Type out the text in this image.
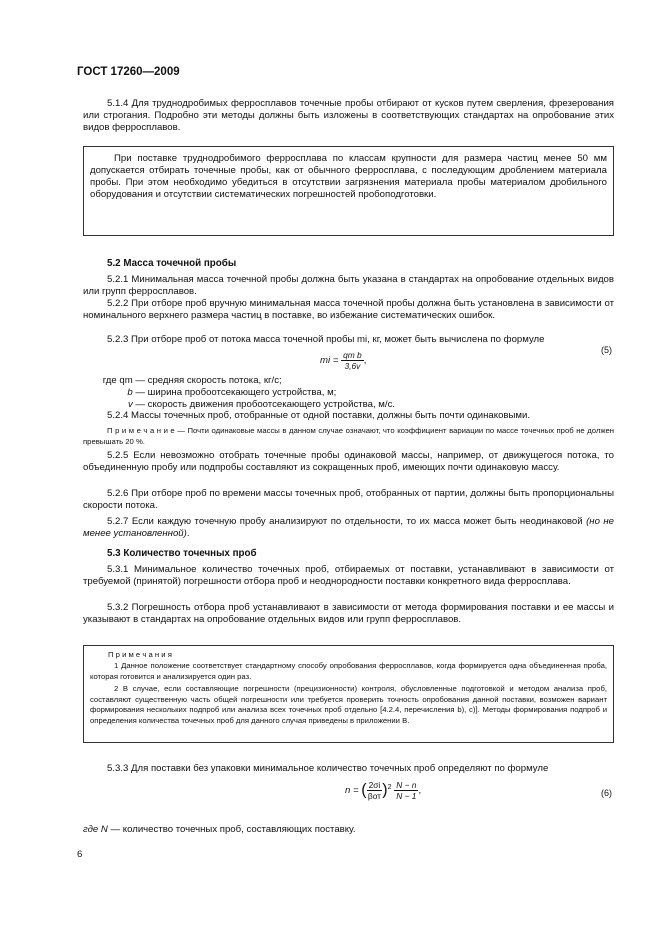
ГОСТ 17260—2009
5.1.4 Для труднодробимых ферросплавов точечные пробы отбирают от кусков путем сверления, фрезерования или строгания. Подробно эти методы должны быть изложены в соответствующих стандартах на опробование этих видов ферросплавов.
При поставке труднодробимого ферросплава по классам крупности для размера частиц менее 50 мм допускается отбирать точечные пробы, как от обычного ферросплава, с последующим дроблением материала пробы. При этом необходимо убедиться в отсутствии загрязнения материала пробы материалом дробильного оборудования и отсутствии систематических погрешностей пробоподготовки.
5.2 Масса точечной пробы
5.2.1 Минимальная масса точечной пробы должна быть указана в стандартах на опробование отдельных видов или групп ферросплавов.
5.2.2 При отборе проб вручную минимальная масса точечной пробы должна быть установлена в зависимости от номинального верхнего размера частиц в поставке, во избежание систематических ошибок.
5.2.3 При отборе проб от потока масса точечной пробы mi, кг, может быть вычислена по формуле
mi = $\frac{\text{qm b}}{3,6v}$ ,
(5)
где qm — средняя скорость потока, кг/с;
b — ширина пробоотсекающего устройства, м;
v — скорость движения пробоотсекающего устройства, м/с.
5.2.4 Массы точечных проб, отобранные от одной поставки, должны быть почти одинаковыми.
П р и м е ч а н и е — Почти одинаковые массы в данном случае означают, что коэффициент вариации по массе точечных проб не должен превышать 20 %.
5.2.5 Если невозможно отобрать точечные пробы одинаковой массы, например, от движущегося потока, то объединенную пробу или подпробы составляют из сокращенных проб, имеющих почти одинаковую массу.
5.2.6 При отборе проб по времени массы точечных проб, отобранных от партии, должны быть пропорциональны скорости потока.
5.2.7 Если каждую точечную пробу анализируют по отдельности, то их масса может быть неодинаковой (но не менее установленной).
5.3 Количество точечных проб
5.3.1 Минимальное количество точечных проб, отбираемых от поставки, устанавливают в зависимости от требуемой (принятой) погрешности отбора проб и неоднородности поставки конкретного вида ферросплава.
5.3.2 Погрешность отбора проб устанавливают в зависимости от метода формирования поставки и ее массы и указывают в стандартах на опробование отдельных видов или групп ферросплавов.
П р и м е ч а н и я
1 Данное положение соответствует стандартному способу опробования ферросплавов, когда формируется одна объединенная проба, которая готовится и анализируется один раз.
2 В случае, если составляющие погрешности (прецизионности) контроля, обусловленные подготовкой и методом анализа проб, составляют существенную часть общей погрешности или требуется проверить точность опробования данной поставки, возможен вариант формирования нескольких подпроб или анализа всех точечных проб отдельно [4.2.4, перечисления b), c)]. Методы формирования подпроб и определения количества точечных проб для данного случая приведены в приложении В.
5.3.3 Для поставки без упаковки минимальное количество точечных проб определяют по формуле
n = ( $\frac{2\sigma i}{\text{βот}} )^2 \frac{N - n}{N - 1}$ ,	(6)
где N — количество точечных проб, составляющих поставку.
6
